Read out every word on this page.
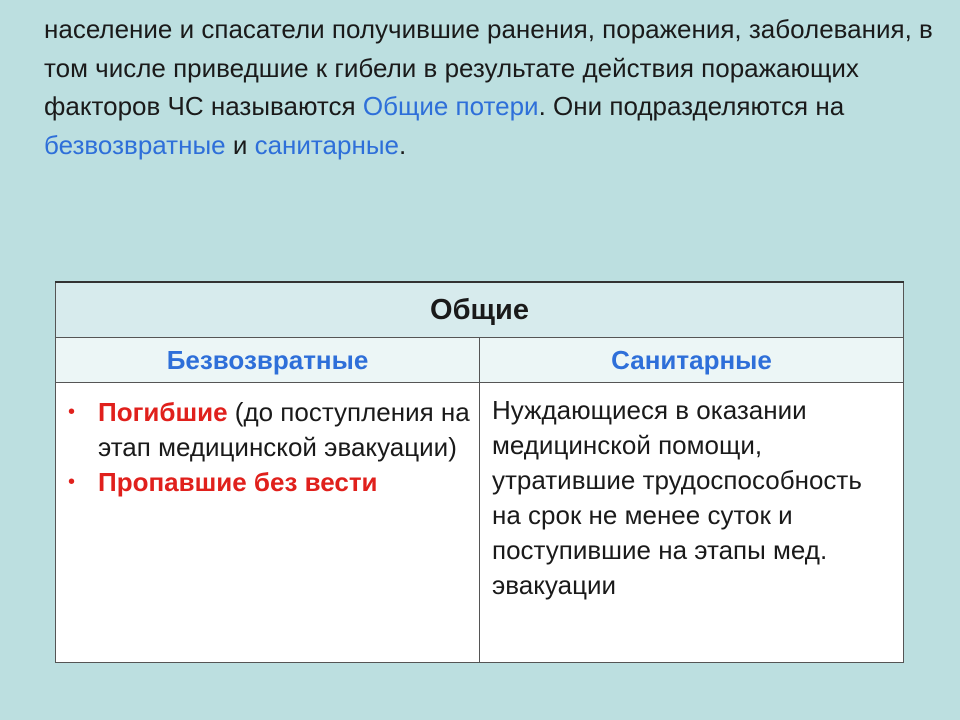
население и спасатели получившие ранения, поражения, заболевания, в том числе приведшие к гибели в результате действия поражающих факторов ЧС называются Общие потери. Они подразделяются на безвозвратные и санитарные.

Общие	
Безвозвратные	Санитарные

• Погибшие (до поступления на этап медицинской эвакуации)
• Пропавшие без вести	Нуждающиеся в оказании медицинской помощи, утратившие трудоспособность на срок не менее суток и поступившие на этапы мед. эвакуации
